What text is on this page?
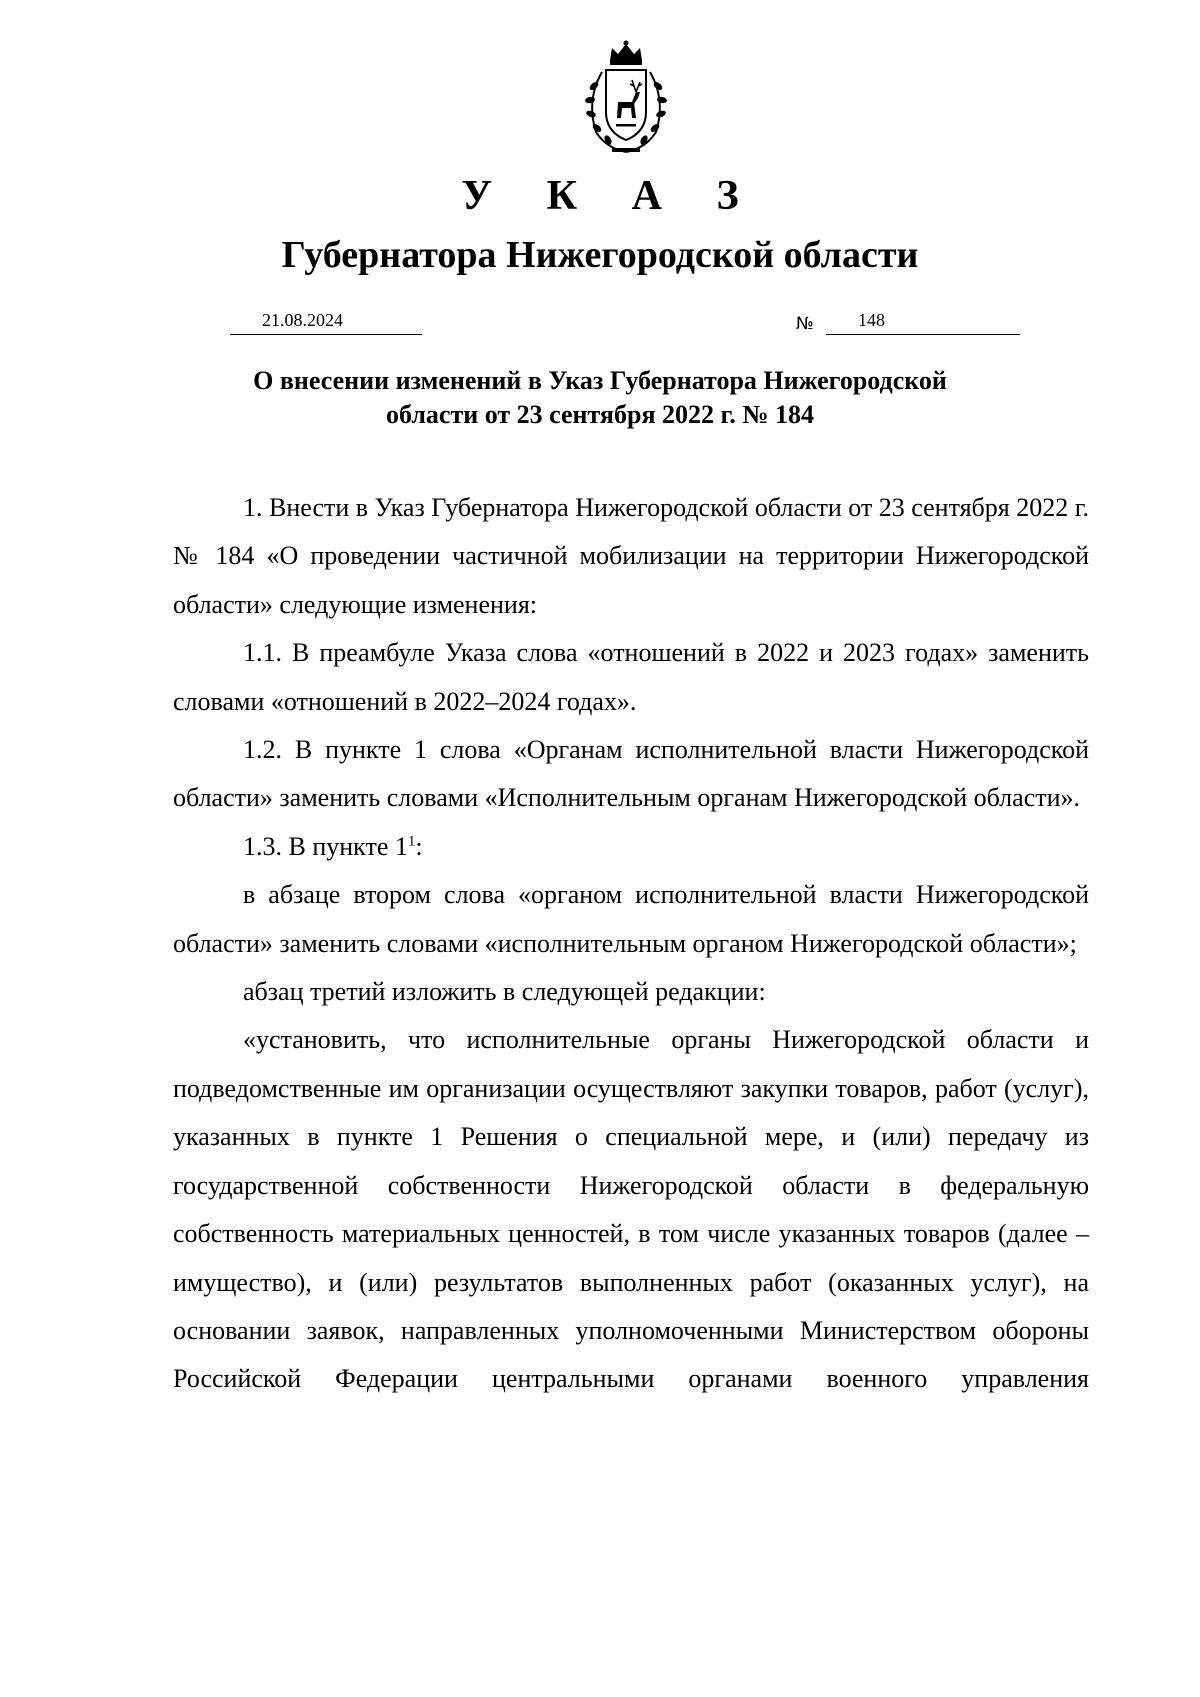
У К А З
Губернатора Нижегородской области
21.08.2024	№ 148
О внесении изменений в Указ Губернатора Нижегородской
области от 23 сентября 2022 г. № 184

1. Внести в Указ Губернатора Нижегородской области от 23 сентября 2022 г. № 184 «О проведении частичной мобилизации на территории Нижегородской области» следующие изменения:

1.1. В преамбуле Указа слова «отношений в 2022 и 2023 годах» заменить словами «отношений в 2022–2024 годах».

1.2. В пункте 1 слова «Органам исполнительной власти Нижегородской области» заменить словами «Исполнительным органам Нижегородской области».

1.3. В пункте $1^1$:

в абзаце втором слова «органом исполнительной власти Нижегородской области» заменить словами «исполнительным органом Нижегородской области»;

абзац третий изложить в следующей редакции:

«установить, что исполнительные органы Нижегородской области и подведомственные им организации осуществляют закупки товаров, работ (услуг), указанных в пункте 1 Решения о специальной мере, и (или) передачу из государственной собственности Нижегородской области в федеральную собственность материальных ценностей, в том числе указанных товаров (далее – имущество), и (или) результатов выполненных работ (оказанных услуг), на основании заявок, направленных уполномоченными Министерством обороны Российской Федерации центральными органами военного управления
